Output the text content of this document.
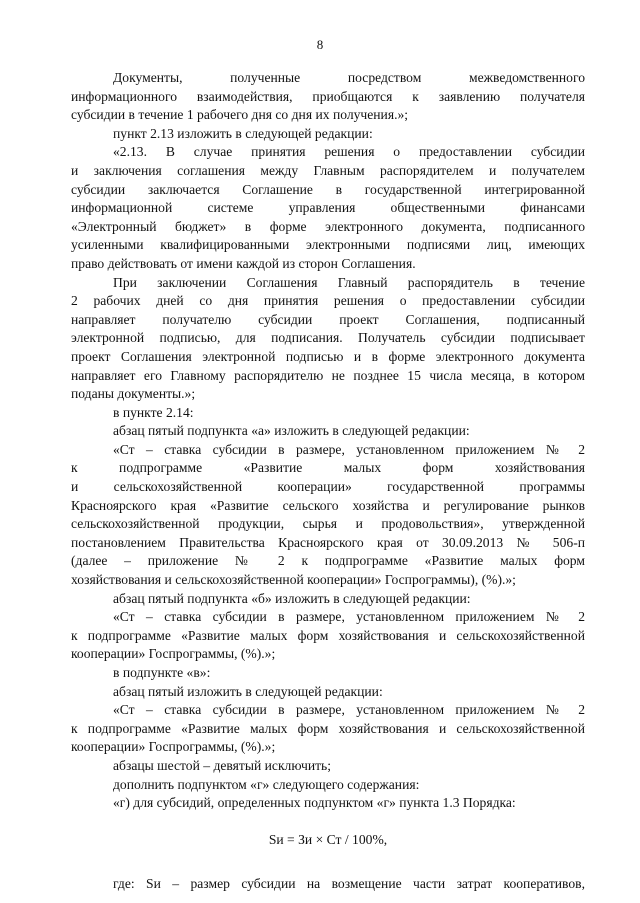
8
Документы, полученные посредством межведомственного
информационного взаимодействия, приобщаются к заявлению получателя
субсидии в течение 1 рабочего дня со дня их получения.»;
пункт 2.13 изложить в следующей редакции:
«2.13. В случае принятия решения о предоставлении субсидии
и заключения соглашения между Главным распорядителем и получателем
субсидии заключается Соглашение в государственной интегрированной
информационной системе управления общественными финансами
«Электронный бюджет» в форме электронного документа, подписанного
усиленными квалифицированными электронными подписями лиц, имеющих
право действовать от имени каждой из сторон Соглашения.
При заключении Соглашения Главный распорядитель в течение
2 рабочих дней со дня принятия решения о предоставлении субсидии
направляет получателю субсидии проект Соглашения, подписанный
электронной подписью, для подписания. Получатель субсидии подписывает
проект Соглашения электронной подписью и в форме электронного документа
направляет его Главному распорядителю не позднее 15 числа месяца, в котором
поданы документы.»;
в пункте 2.14:
абзац пятый подпункта «а» изложить в следующей редакции:
«Ст – ставка субсидии в размере, установленном приложением № 2
к подпрограмме «Развитие малых форм хозяйствования
и сельскохозяйственной кооперации» государственной программы
Красноярского края «Развитие сельского хозяйства и регулирование рынков
сельскохозяйственной продукции, сырья и продовольствия», утвержденной
постановлением Правительства Красноярского края от 30.09.2013 № 506-п
(далее – приложение № 2 к подпрограмме «Развитие малых форм
хозяйствования и сельскохозяйственной кооперации» Госпрограммы), (%).»;
абзац пятый подпункта «б» изложить в следующей редакции:
«Ст – ставка субсидии в размере, установленном приложением № 2
к подпрограмме «Развитие малых форм хозяйствования и сельскохозяйственной
кооперации» Госпрограммы, (%).»;
в подпункте «в»:
абзац пятый изложить в следующей редакции:
«Ст – ставка субсидии в размере, установленном приложением № 2
к подпрограмме «Развитие малых форм хозяйствования и сельскохозяйственной
кооперации» Госпрограммы, (%).»;
абзацы шестой – девятый исключить;
дополнить подпунктом «г» следующего содержания:
«г) для субсидий, определенных подпунктом «г» пункта 1.3 Порядка:
Sи = Зи × Ст / 100%,
где: Sи – размер субсидии на возмещение части затрат кооперативов,
